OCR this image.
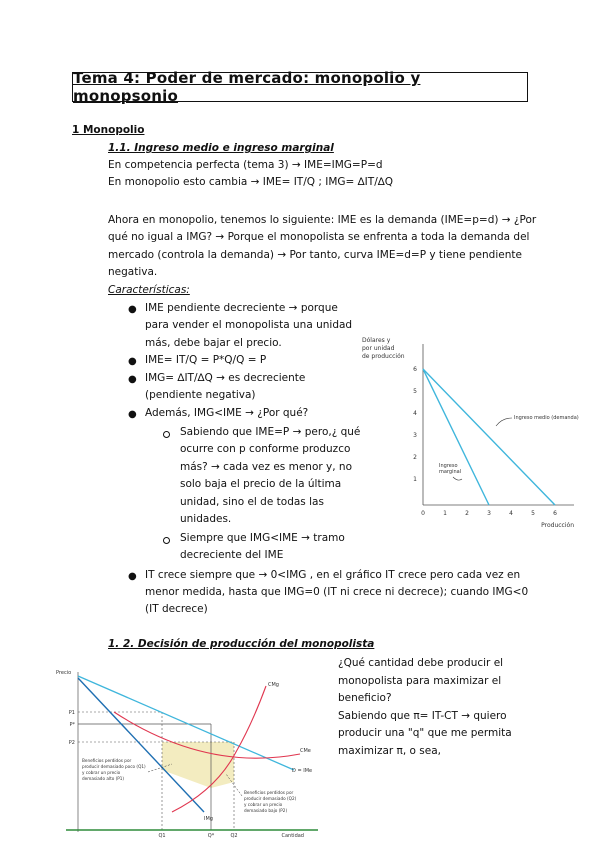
Tema 4: Poder de mercado: monopolio y monopsonio
1 Monopolio
1.1. Ingreso medio e ingreso marginal
En competencia perfecta (tema 3) → IME=IMG=P=d
En monopolio esto cambia → IME= IT/Q ; IMG= ∆IT/∆Q
Ahora en monopolio, tenemos lo siguiente: IME es la demanda (IME=p=d) → ¿Por
qué no igual a IMG? → Porque el monopolista se enfrenta a toda la demanda del
mercado (controla la demanda) → Por tanto, curva IME=d=P y tiene pendiente
negativa.
Características:
● IME pendiente decreciente → porque
para vender el monopolista una unidad
más, debe bajar el precio.
● IME= IT/Q = P*Q/Q = P
● IMG= ∆IT/∆Q → es decreciente
(pendiente negativa)
● Además, IMG<IME → ¿Por qué?
Sabiendo que IME=P → pero,¿ qué
ocurre con p conforme produzco
más? → cada vez es menor y, no
solo baja el precio de la última
unidad, sino el de todas las
unidades.
Siempre que IMG<IME → tramo
decreciente del IME
● IT crece siempre que → 0<IMG , en el gráfico IT crece pero cada vez en
menor medida, hasta que IMG=0 (IT ni crece ni decrece); cuando IMG<0
(IT decrece)
Dólares y
por unidad
de producción
6
5
4
3
2
1
0	1	2	3	4	5	6
Producción
Ingreso medio (demanda)
Ingreso
marginal
1. 2. Decisión de producción del monopolista
¿Qué cantidad debe producir el
monopolista para maximizar el
beneficio?
Sabiendo que π= IT-CT → quiero
producir una "q" que me permita
maximizar π, o sea,
Precio
P1
P*
P2
Q1	Q*	Q2	Cantidad
CMg
CMe
D = IMe
IMg
Beneficios perdidos por
producir demasiado poco (Q1)
y cobrar un precio
demasiado alto (P1)
Beneficios perdidos por
producir demasiado (Q2)
y cobrar un precio
demasiado bajo (P2)
